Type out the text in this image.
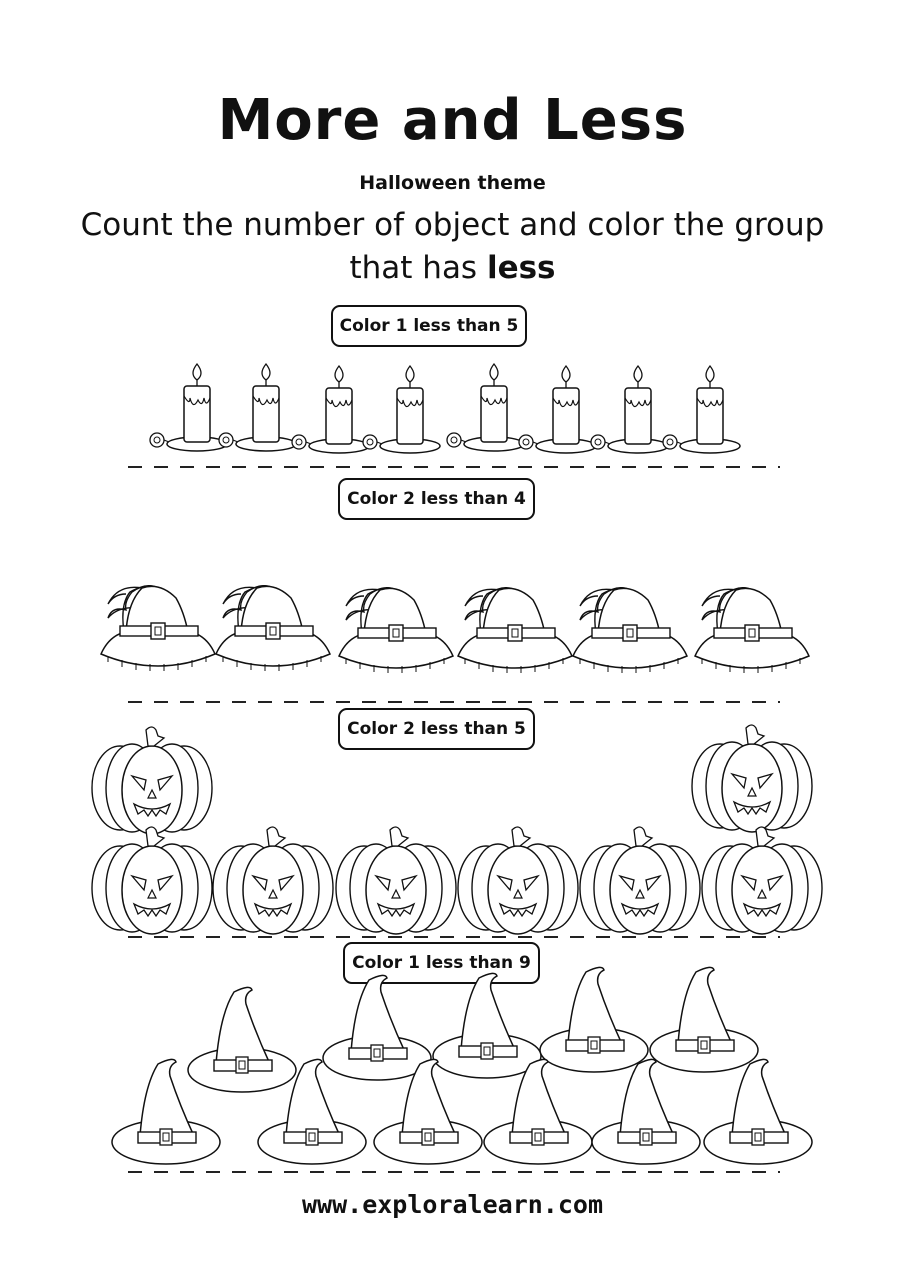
More and Less
Halloween theme
Count the number of object and color the group
that has less
Color 1 less than 5
Color 2 less than 4
Color 2 less than 5
Color 1 less than 9
www.exploralearn.com
